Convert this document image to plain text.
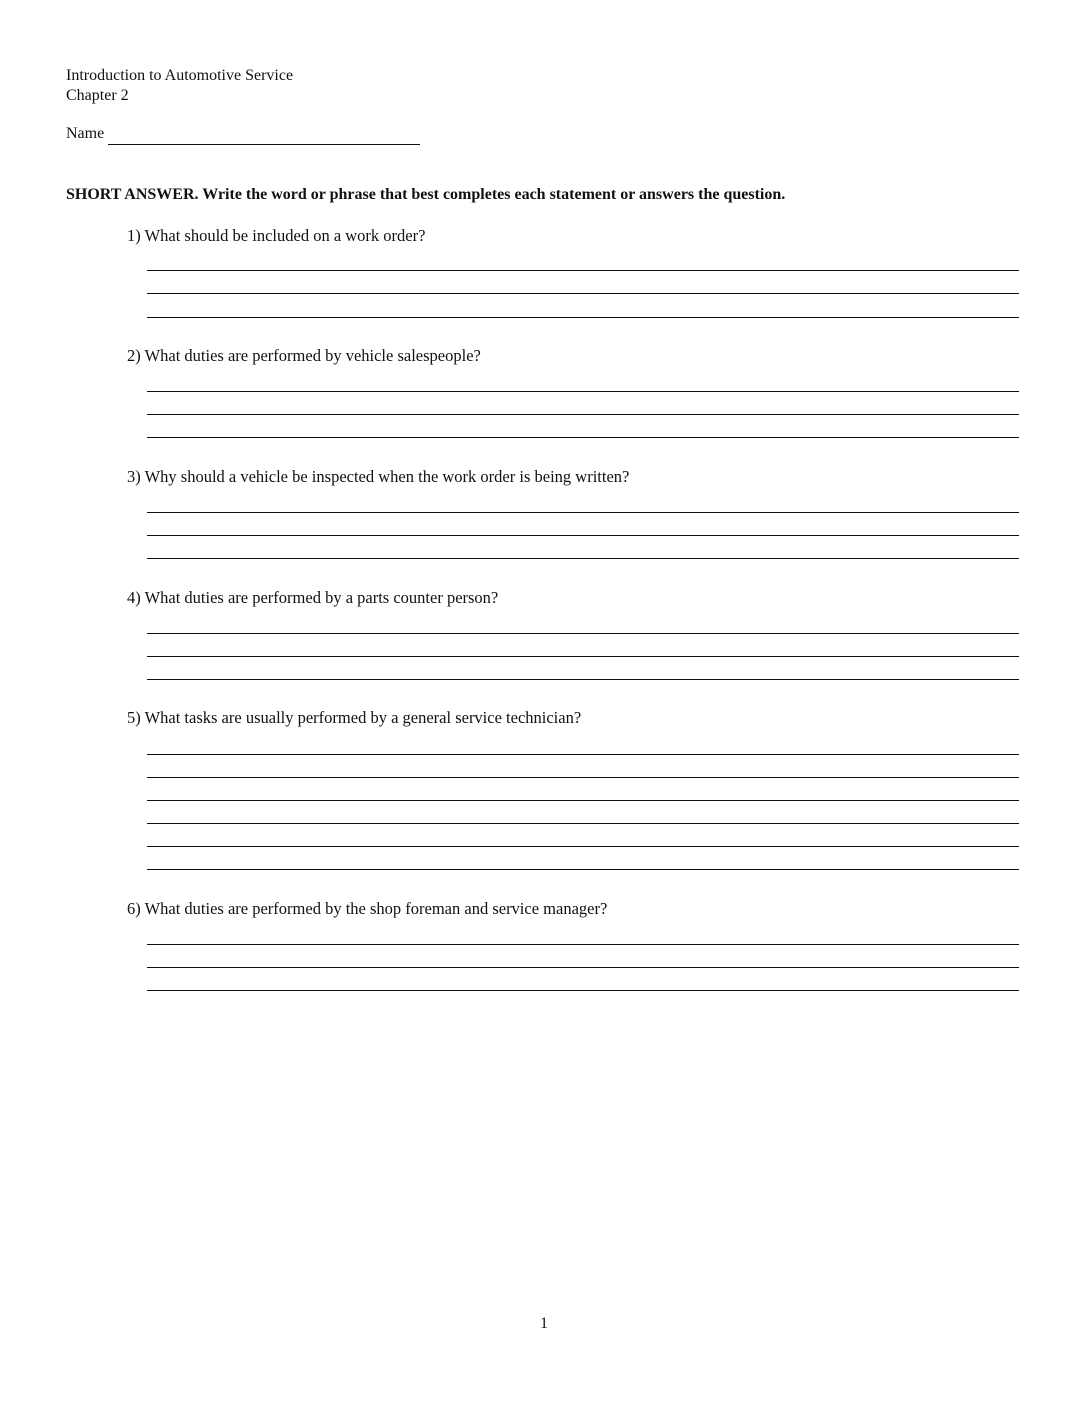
Introduction to Automotive Service
Chapter 2
Name
SHORT ANSWER. Write the word or phrase that best completes each statement or answers the question.
1) What should be included on a work order?
2) What duties are performed by vehicle salespeople?
3) Why should a vehicle be inspected when the work order is being written?
4) What duties are performed by a parts counter person?
5) What tasks are usually performed by a general service technician?
6) What duties are performed by the shop foreman and service manager?
1
